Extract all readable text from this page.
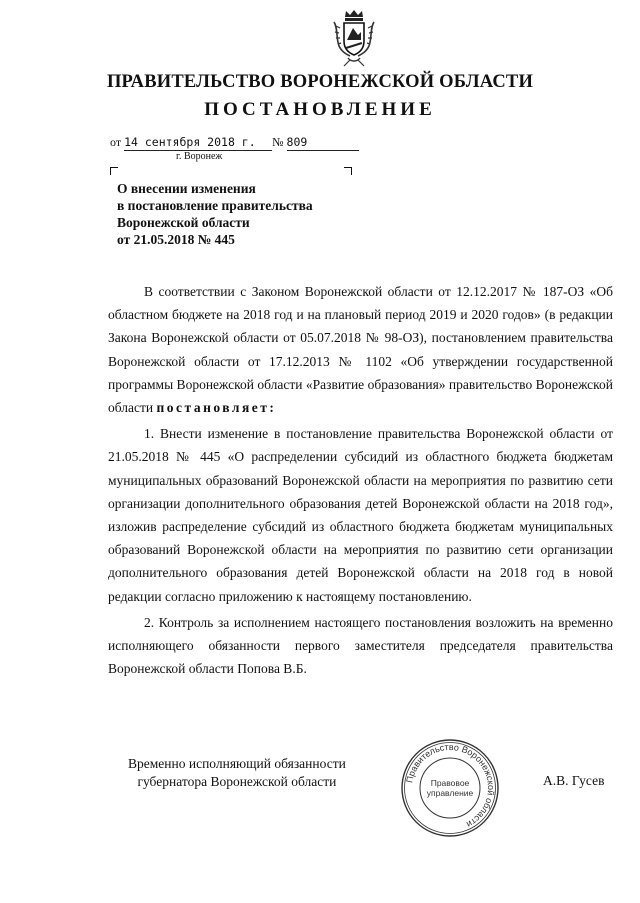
ПРАВИТЕЛЬСТВО ВОРОНЕЖСКОЙ ОБЛАСТИ
ПОСТАНОВЛЕНИЕ
от 14 сентября 2018 г. № 809
г. Воронеж
О внесении изменения
в постановление правительства
Воронежской области
от 21.05.2018 № 445

В соответствии с Законом Воронежской области от 12.12.2017 № 187-ОЗ «Об областном бюджете на 2018 год и на плановый период 2019 и 2020 годов» (в редакции Закона Воронежской области от 05.07.2018 № 98-ОЗ), постановлением правительства Воронежской области от 17.12.2013 № 1102 «Об утверждении государственной программы Воронежской области «Развитие образования» правительство Воронежской области постановляет:

1. Внести изменение в постановление правительства Воронежской области от 21.05.2018 № 445 «О распределении субсидий из областного бюджета бюджетам муниципальных образований Воронежской области на мероприятия по развитию сети организации дополнительного образования детей Воронежской области на 2018 год», изложив распределение субсидий из областного бюджета бюджетам муниципальных образований Воронежской области на мероприятия по развитию сети организации дополнительного образования детей Воронежской области на 2018 год в новой редакции согласно приложению к настоящему постановлению.

2. Контроль за исполнением настоящего постановления возложить на временно исполняющего обязанности первого заместителя председателя правительства Воронежской области Попова В.Б.

Временно исполняющий обязанности
губернатора Воронежской области	Правительство Воронежской области
Правовое
управление
А.В. Гусев
